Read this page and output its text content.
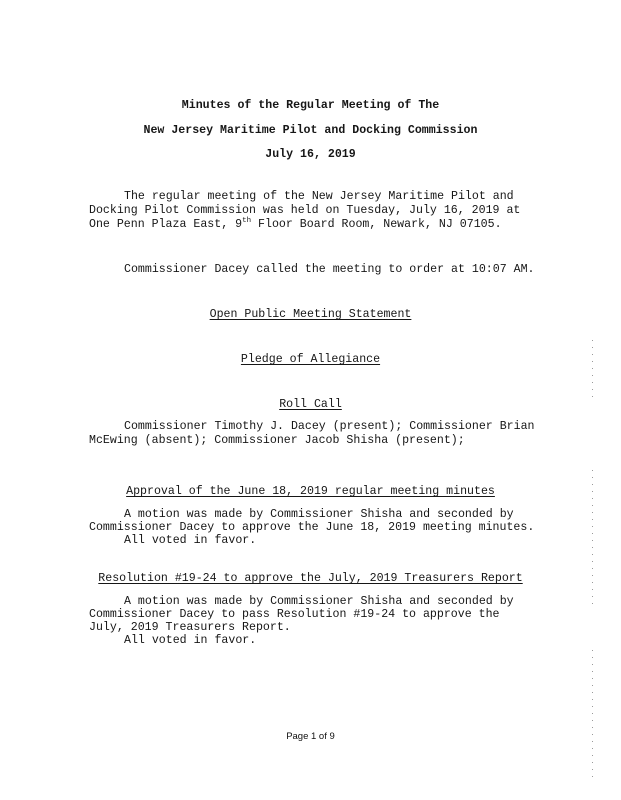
Minutes of the Regular Meeting of The
New Jersey Maritime Pilot and Docking Commission
July 16, 2019
The regular meeting of the New Jersey Maritime Pilot and
Docking Pilot Commission was held on Tuesday, July 16, 2019 at
One Penn Plaza East, 9th Floor Board Room, Newark, NJ 07105.
Commissioner Dacey called the meeting to order at 10:07 AM.
Open Public Meeting Statement
Pledge of Allegiance
Roll Call
Commissioner Timothy J. Dacey (present); Commissioner Brian
McEwing (absent); Commissioner Jacob Shisha (present);
Approval of the June 18, 2019 regular meeting minutes
A motion was made by Commissioner Shisha and seconded by
Commissioner Dacey to approve the June 18, 2019 meeting minutes.
All voted in favor.
Resolution #19-24 to approve the July, 2019 Treasurers Report
A motion was made by Commissioner Shisha and seconded by
Commissioner Dacey to pass Resolution #19-24 to approve the
July, 2019 Treasurers Report.
All voted in favor.
Page 1 of 9
